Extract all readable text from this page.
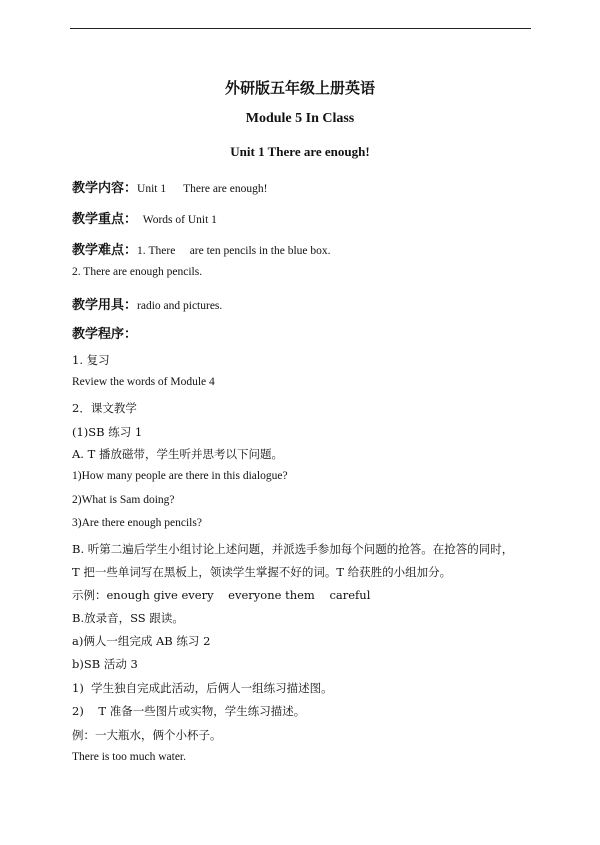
外研版五年级上册英语
Module 5 In Class
Unit 1 There are enough!
教学内容：Unit 1      There are enough!
教学重点：  Words of Unit 1
教学难点：1. There     are ten pencils in the blue box.
2. There are enough pencils.
教学用具：radio and pictures.
教学程序：
1. 复习
Review the words of Module 4
2．课文教学
(1)SB 练习 1
A. T 播放磁带，学生听并思考以下问题。
1)How many people are there in this dialogue?
2)What is Sam doing?
3)Are there enough pencils?
B. 听第二遍后学生小组讨论上述问题，并派选手参加每个问题的抢答。在抢答的同时，
T 把一些单词写在黑板上，领读学生掌握不好的词。T 给获胜的小组加分。
示例：enough give every    everyone them    careful
B.放录音，SS 跟读。
a)俩人一组完成 AB 练习 2
b)SB 活动 3
1)  学生独自完成此活动，后俩人一组练习描述图。
2)    T 准备一些图片或实物，学生练习描述。
例：一大瓶水，俩个小杯子。
There is too much water.
